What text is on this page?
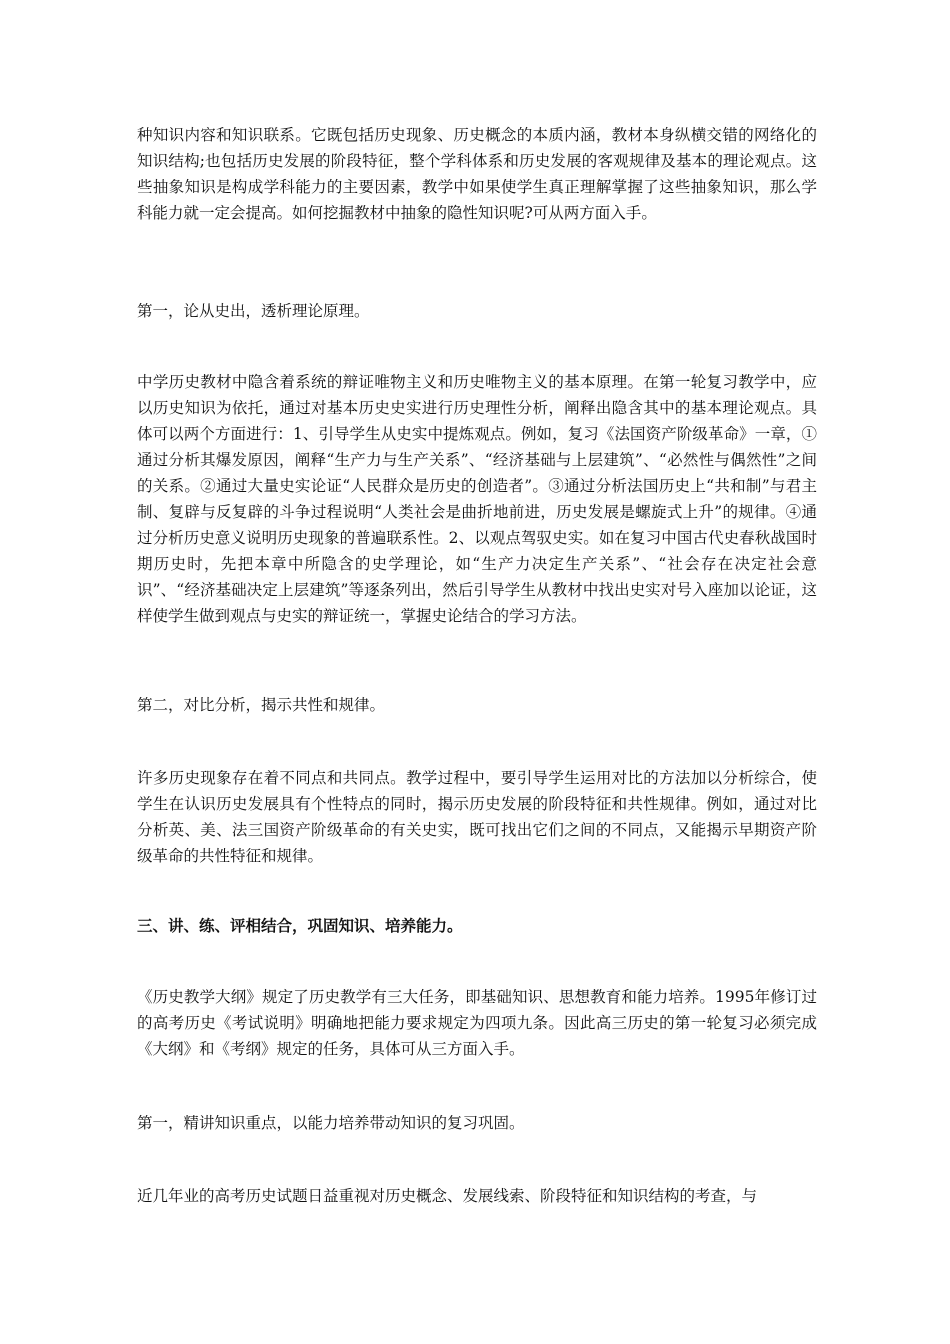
种知识内容和知识联系。它既包括历史现象、历史概念的本质内涵，教材本身纵横交错的网络化的知识结构;也包括历史发展的阶段特征，整个学科体系和历史发展的客观规律及基本的理论观点。这些抽象知识是构成学科能力的主要因素，教学中如果使学生真正理解掌握了这些抽象知识，那么学科能力就一定会提高。如何挖掘教材中抽象的隐性知识呢?可从两方面入手。

第一，论从史出，透析理论原理。

中学历史教材中隐含着系统的辩证唯物主义和历史唯物主义的基本原理。在第一轮复习教学中，应以历史知识为依托，通过对基本历史史实进行历史理性分析，阐释出隐含其中的基本理论观点。具体可以两个方面进行：1、引导学生从史实中提炼观点。例如，复习《法国资产阶级革命》一章，①通过分析其爆发原因，阐释“生产力与生产关系”、“经济基础与上层建筑”、“必然性与偶然性”之间的关系。②通过大量史实论证“人民群众是历史的创造者”。③通过分析法国历史上“共和制”与君主制、复辟与反复辟的斗争过程说明“人类社会是曲折地前进，历史发展是螺旋式上升”的规律。④通过分析历史意义说明历史现象的普遍联系性。2、以观点驾驭史实。如在复习中国古代史春秋战国时期历史时，先把本章中所隐含的史学理论，如“生产力决定生产关系”、“社会存在决定社会意识”、“经济基础决定上层建筑”等逐条列出，然后引导学生从教材中找出史实对号入座加以论证，这样使学生做到观点与史实的辩证统一，掌握史论结合的学习方法。

第二，对比分析，揭示共性和规律。

许多历史现象存在着不同点和共同点。教学过程中，要引导学生运用对比的方法加以分析综合，使学生在认识历史发展具有个性特点的同时，揭示历史发展的阶段特征和共性规律。例如，通过对比分析英、美、法三国资产阶级革命的有关史实，既可找出它们之间的不同点，又能揭示早期资产阶级革命的共性特征和规律。

三、讲、练、评相结合，巩固知识、培养能力。

《历史教学大纲》规定了历史教学有三大任务，即基础知识、思想教育和能力培养。1995年修订过的高考历史《考试说明》明确地把能力要求规定为四项九条。因此高三历史的第一轮复习必须完成《大纲》和《考纲》规定的任务，具体可从三方面入手。

第一，精讲知识重点，以能力培养带动知识的复习巩固。

近几年业的高考历史试题日益重视对历史概念、发展线索、阶段特征和知识结构的考查，与
